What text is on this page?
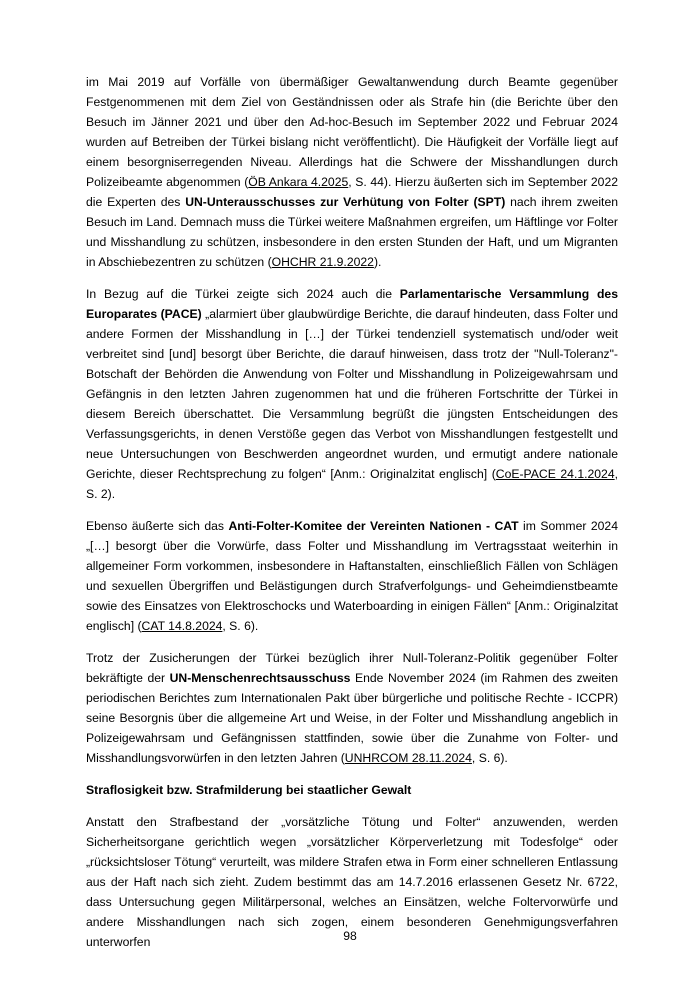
im Mai 2019 auf Vorfälle von übermäßiger Gewaltanwendung durch Beamte gegenüber Festgenommenen mit dem Ziel von Geständnissen oder als Strafe hin (die Berichte über den Besuch im Jänner 2021 und über den Ad-hoc-Besuch im September 2022 und Februar 2024 wurden auf Betreiben der Türkei bislang nicht veröffentlicht). Die Häufigkeit der Vorfälle liegt auf einem besorgniserregenden Niveau. Allerdings hat die Schwere der Misshandlungen durch Polizeibeamte abgenommen (ÖB Ankara 4.2025, S. 44). Hierzu äußerten sich im September 2022 die Experten des UN-Unterausschusses zur Verhütung von Folter (SPT) nach ihrem zweiten Besuch im Land. Demnach muss die Türkei weitere Maßnahmen ergreifen, um Häftlinge vor Folter und Misshandlung zu schützen, insbesondere in den ersten Stunden der Haft, und um Migranten in Abschiebezentren zu schützen (OHCHR 21.9.2022).

In Bezug auf die Türkei zeigte sich 2024 auch die Parlamentarische Versammlung des Europarates (PACE) „alarmiert über glaubwürdige Berichte, die darauf hindeuten, dass Folter und andere Formen der Misshandlung in […] der Türkei tendenziell systematisch und/oder weit verbreitet sind [und] besorgt über Berichte, die darauf hinweisen, dass trotz der "Null-Toleranz"-Botschaft der Behörden die Anwendung von Folter und Misshandlung in Polizeigewahrsam und Gefängnis in den letzten Jahren zugenommen hat und die früheren Fortschritte der Türkei in diesem Bereich überschattet. Die Versammlung begrüßt die jüngsten Entscheidungen des Verfassungsgerichts, in denen Verstöße gegen das Verbot von Misshandlungen festgestellt und neue Untersuchungen von Beschwerden angeordnet wurden, und ermutigt andere nationale Gerichte, dieser Rechtsprechung zu folgen“ [Anm.: Originalzitat englisch] (CoE-PACE 24.1.2024, S. 2).

Ebenso äußerte sich das Anti-Folter-Komitee der Vereinten Nationen - CAT im Sommer 2024 „[…] besorgt über die Vorwürfe, dass Folter und Misshandlung im Vertragsstaat weiterhin in allgemeiner Form vorkommen, insbesondere in Haftanstalten, einschließlich Fällen von Schlägen und sexuellen Übergriffen und Belästigungen durch Strafverfolgungs- und Geheimdienstbeamte sowie des Einsatzes von Elektroschocks und Waterboarding in einigen Fällen“ [Anm.: Originalzitat englisch] (CAT 14.8.2024, S. 6).

Trotz der Zusicherungen der Türkei bezüglich ihrer Null-Toleranz-Politik gegenüber Folter bekräftigte der UN-Menschenrechtsausschuss Ende November 2024 (im Rahmen des zweiten periodischen Berichtes zum Internationalen Pakt über bürgerliche und politische Rechte - ICCPR) seine Besorgnis über die allgemeine Art und Weise, in der Folter und Misshandlung angeblich in Polizeigewahrsam und Gefängnissen stattfinden, sowie über die Zunahme von Folter- und Misshandlungsvorwürfen in den letzten Jahren (UNHRCOM 28.11.2024, S. 6).

Straflosigkeit bzw. Strafmilderung bei staatlicher Gewalt

Anstatt den Strafbestand der „vorsätzliche Tötung und Folter“ anzuwenden, werden Sicherheitsorgane gerichtlich wegen „vorsätzlicher Körperverletzung mit Todesfolge“ oder „rücksichtsloser Tötung“ verurteilt, was mildere Strafen etwa in Form einer schnelleren Entlassung aus der Haft nach sich zieht. Zudem bestimmt das am 14.7.2016 erlassenen Gesetz Nr. 6722, dass Untersuchung gegen Militärpersonal, welches an Einsätzen, welche Foltervorwürfe und andere Misshandlungen nach sich zogen, einem besonderen Genehmigungsverfahren unterworfen	98
